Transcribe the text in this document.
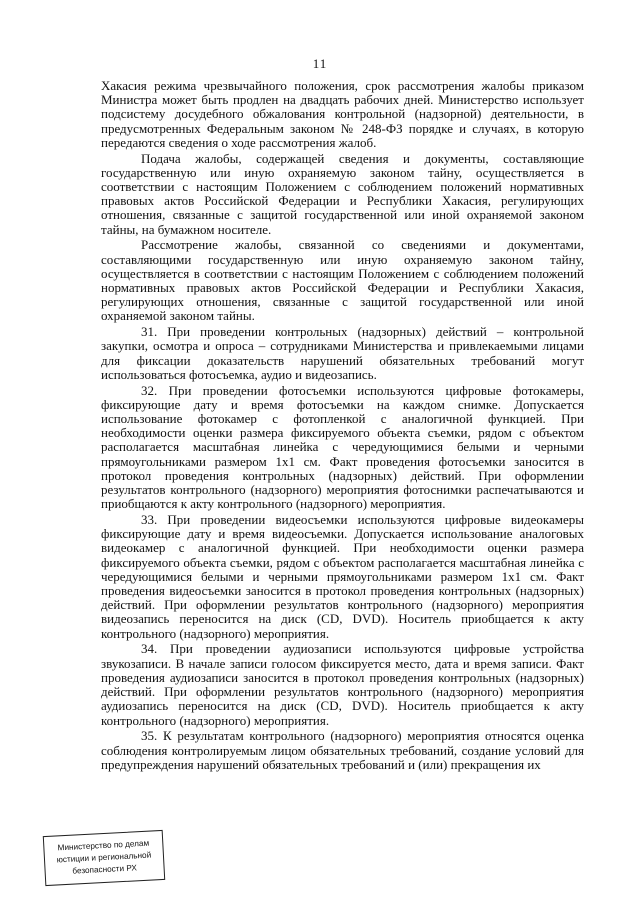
11

Хакасия режима чрезвычайного положения, срок рассмотрения жалобы приказом Министра может быть продлен на двадцать рабочих дней. Министерство использует подсистему досудебного обжалования контрольной (надзорной) деятельности, в предусмотренных Федеральным законом № 248-ФЗ порядке и случаях, в которую передаются сведения о ходе рассмотрения жалоб.

Подача жалобы, содержащей сведения и документы, составляющие государственную или иную охраняемую законом тайну, осуществляется в соответствии с настоящим Положением с соблюдением положений нормативных правовых актов Российской Федерации и Республики Хакасия, регулирующих отношения, связанные с защитой государственной или иной охраняемой законом тайны, на бумажном носителе.

Рассмотрение жалобы, связанной со сведениями и документами, составляющими государственную или иную охраняемую законом тайну, осуществляется в соответствии с настоящим Положением с соблюдением положений нормативных правовых актов Российской Федерации и Республики Хакасия, регулирующих отношения, связанные с защитой государственной или иной охраняемой законом тайны.

31. При проведении контрольных (надзорных) действий – контрольной закупки, осмотра и опроса – сотрудниками Министерства и привлекаемыми лицами для фиксации доказательств нарушений обязательных требований могут использоваться фотосъемка, аудио и видеозапись.

32. При проведении фотосъемки используются цифровые фотокамеры, фиксирующие дату и время фотосъемки на каждом снимке. Допускается использование фотокамер с фотопленкой с аналогичной функцией. При необходимости оценки размера фиксируемого объекта съемки, рядом с объектом располагается масштабная линейка с чередующимися белыми и черными прямоугольниками размером 1х1 см. Факт проведения фотосъемки заносится в протокол проведения контрольных (надзорных) действий. При оформлении результатов контрольного (надзорного) мероприятия фотоснимки распечатываются и приобщаются к акту контрольного (надзорного) мероприятия.

33. При проведении видеосъемки используются цифровые видеокамеры фиксирующие дату и время видеосъемки. Допускается использование аналоговых видеокамер с аналогичной функцией. При необходимости оценки размера фиксируемого объекта съемки, рядом с объектом располагается масштабная линейка с чередующимися белыми и черными прямоугольниками размером 1х1 см. Факт проведения видеосъемки заносится в протокол проведения контрольных (надзорных) действий. При оформлении результатов контрольного (надзорного) мероприятия видеозапись переносится на диск (CD, DVD). Носитель приобщается к акту контрольного (надзорного) мероприятия.

34. При проведении аудиозаписи используются цифровые устройства звукозаписи. В начале записи голосом фиксируется место, дата и время записи. Факт проведения аудиозаписи заносится в протокол проведения контрольных (надзорных) действий. При оформлении результатов контрольного (надзорного) мероприятия аудиозапись переносится на диск (CD, DVD). Носитель приобщается к акту контрольного (надзорного) мероприятия.

35. К результатам контрольного (надзорного) мероприятия относятся оценка соблюдения контролируемым лицом обязательных требований, создание условий для предупреждения нарушений обязательных требований и (или) прекращения их

Министерство по делам
юстиции и региональной
безопасности РХ
